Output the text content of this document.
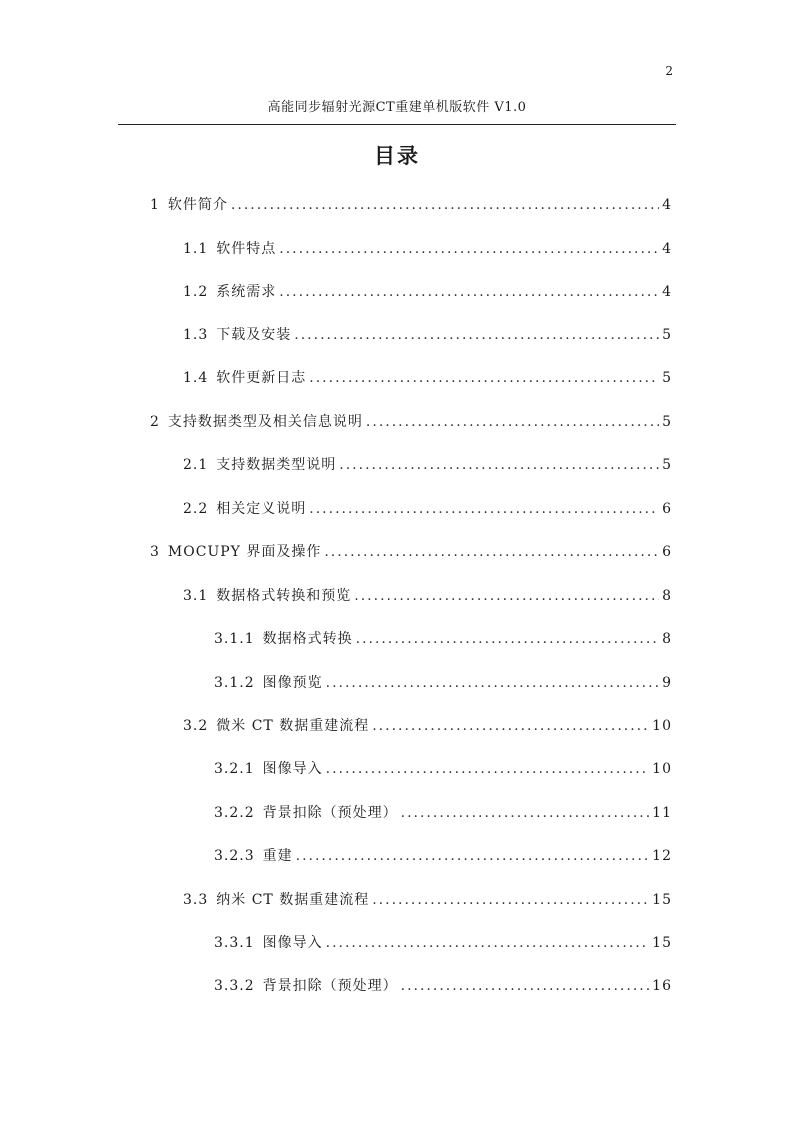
2
高能同步辐射光源CT重建单机版软件 V1.0
目录
1 软件简介 .....	4
1.1 软件特点 .....	4
1.2 系统需求 .....	4
1.3 下载及安装 .....	5
1.4 软件更新日志 .....	5
2 支持数据类型及相关信息说明 .....	5
2.1 支持数据类型说明 .....	5
2.2 相关定义说明 .....	6
3 MOCUPY 界面及操作 .....	6
3.1 数据格式转换和预览 .....	8
3.1.1 数据格式转换 .....	8
3.1.2 图像预览 .....	9
3.2 微米 CT 数据重建流程 .....	10
3.2.1 图像导入 .....	10
3.2.2 背景扣除（预处理） .....	11
3.2.3 重建 .....	12
3.3 纳米 CT 数据重建流程 .....	15
3.3.1 图像导入 .....	15
3.3.2 背景扣除（预处理） .....	16
